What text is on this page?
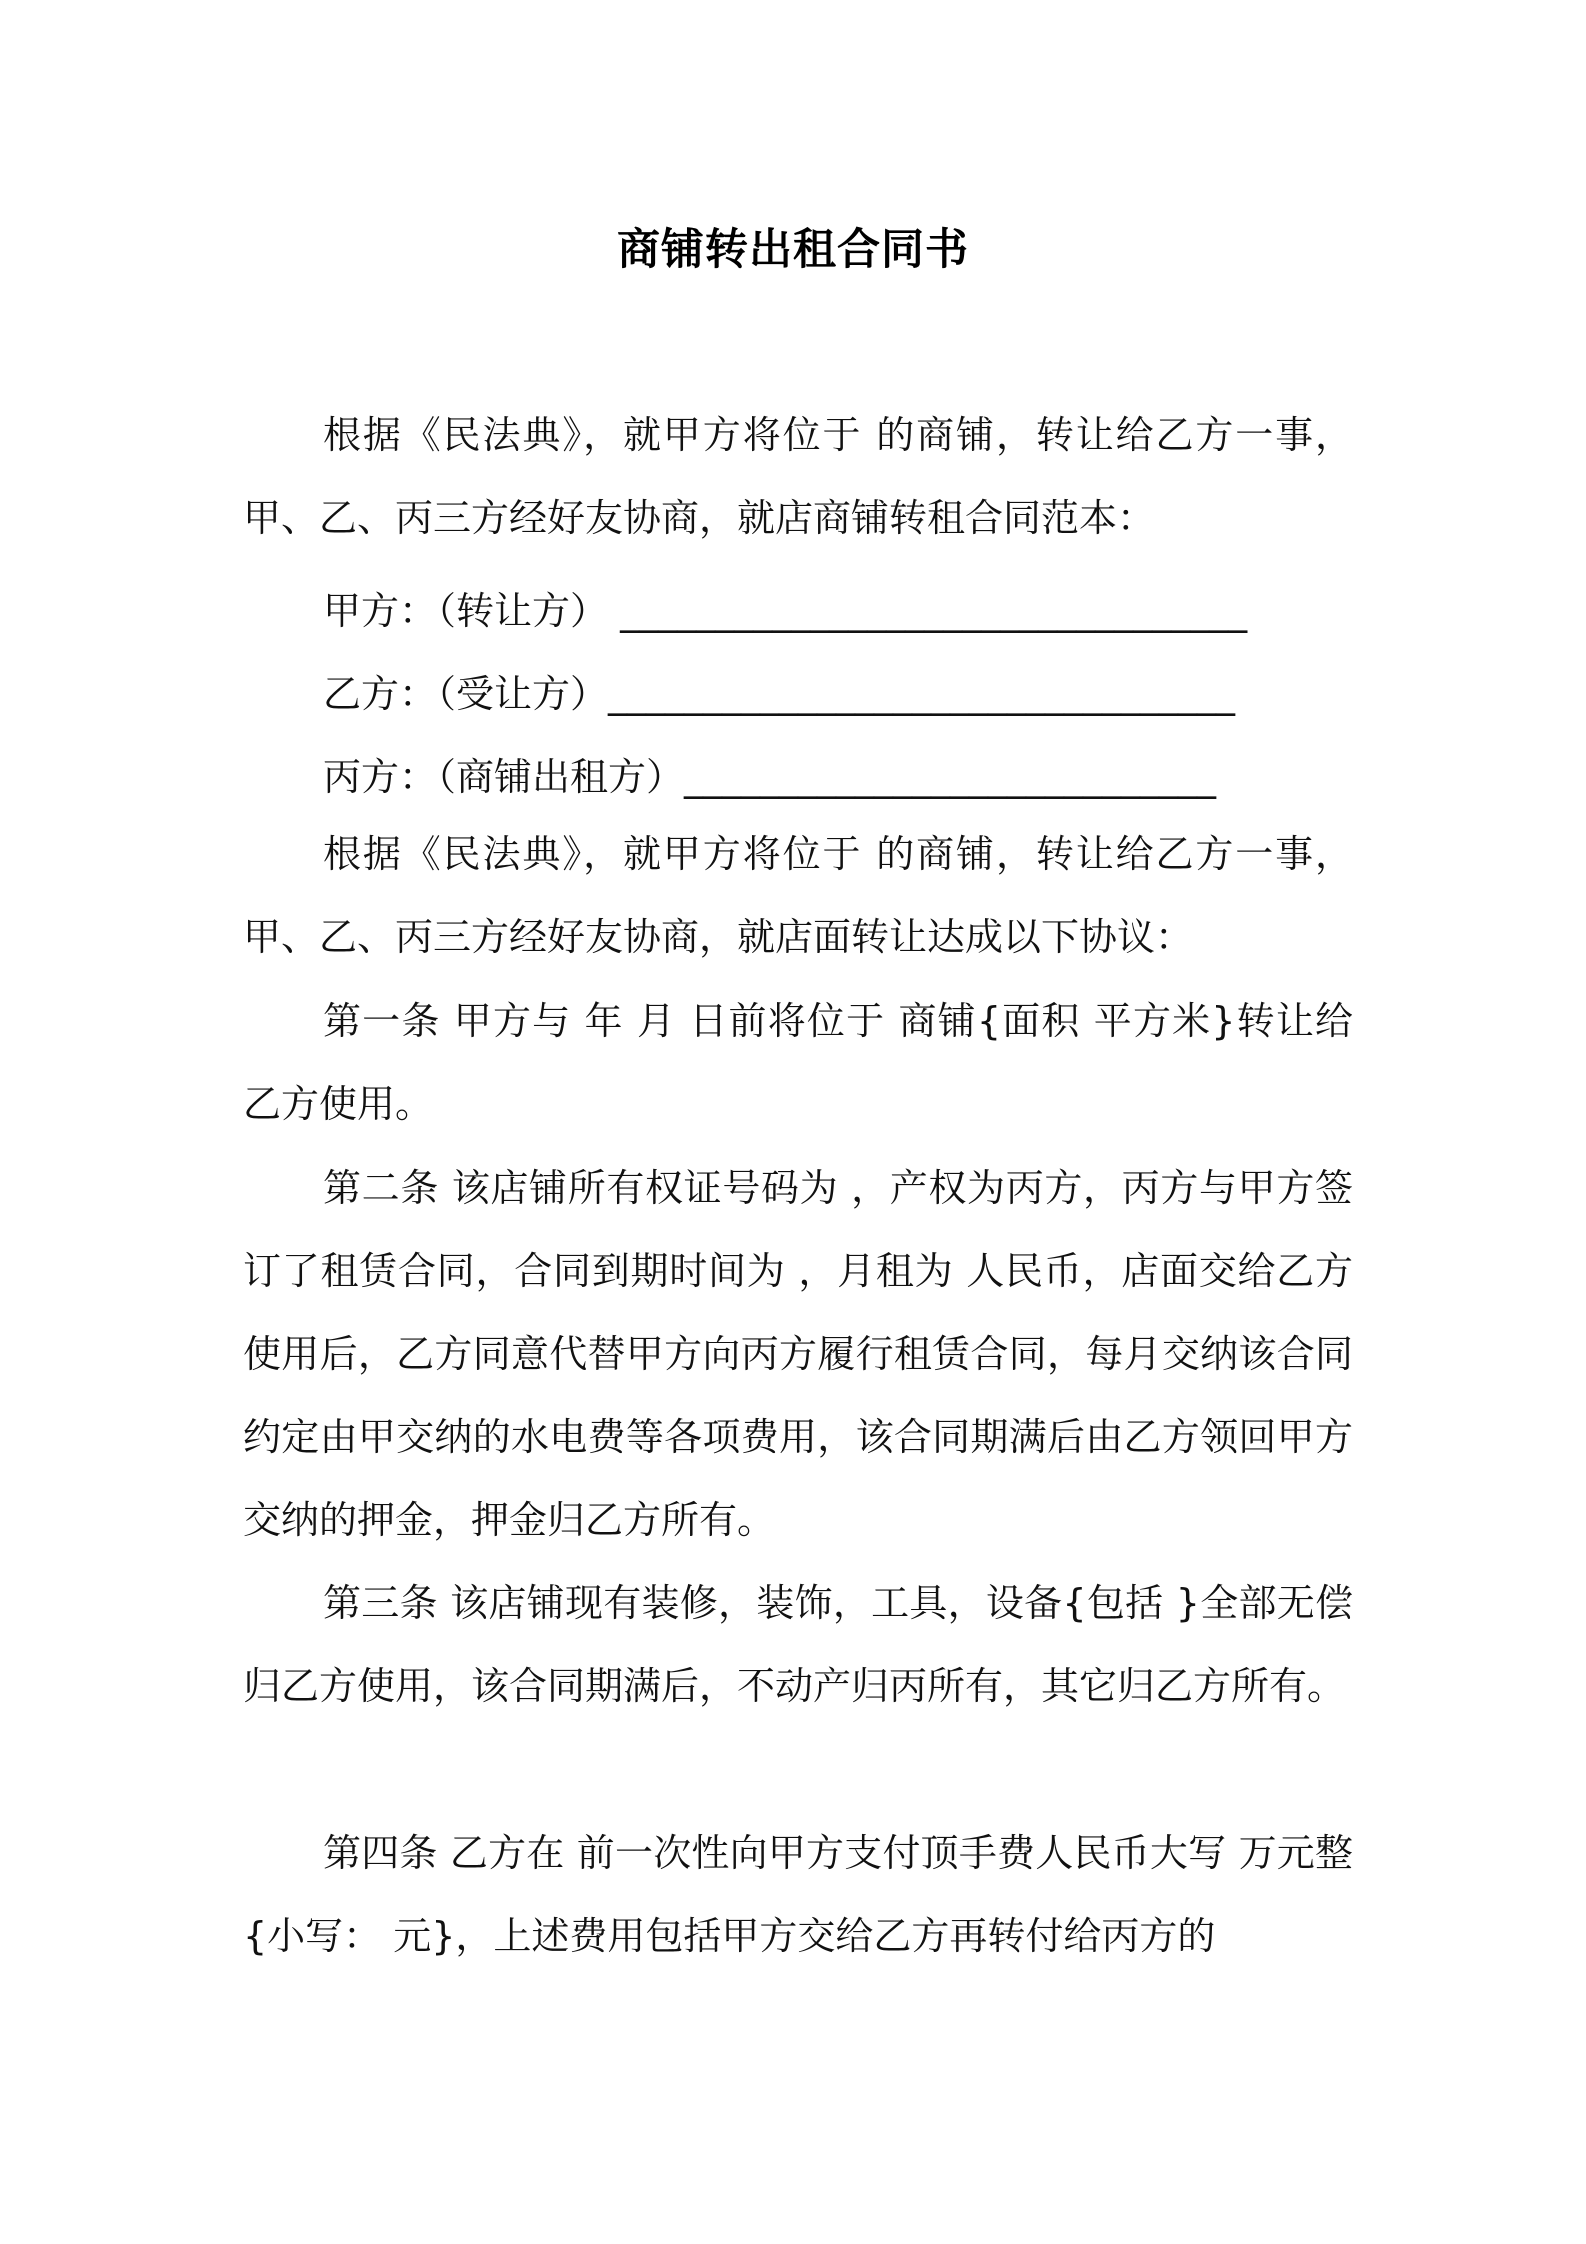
商铺转出租合同书

根据《民法典》，就甲方将位于 的商铺，转让给乙方一事，甲、乙、丙三方经好友协商，就店商铺转租合同范本：

甲方：（转让方） _________________________________

乙方：（受让方）_________________________________

丙方：（商铺出租方）____________________________

根据《民法典》，就甲方将位于 的商铺，转让给乙方一事，甲、乙、丙三方经好友协商，就店面转让达成以下协议：

第一条 甲方与 年 月 日前将位于 商铺{面积 平方米}转让给乙方使用。

第二条 该店铺所有权证号码为 ，产权为丙方，丙方与甲方签订了租赁合同，合同到期时间为 ，月租为 人民币，店面交给乙方使用后，乙方同意代替甲方向丙方履行租赁合同，每月交纳该合同约定由甲交纳的水电费等各项费用，该合同期满后由乙方领回甲方交纳的押金，押金归乙方所有。

第三条 该店铺现有装修，装饰，工具，设备{包括 }全部无偿归乙方使用，该合同期满后，不动产归丙所有，其它归乙方所有。

第四条 乙方在 前一次性向甲方支付顶手费人民币大写 万元整{小写： 元}，上述费用包括甲方交给乙方再转付给丙方的
